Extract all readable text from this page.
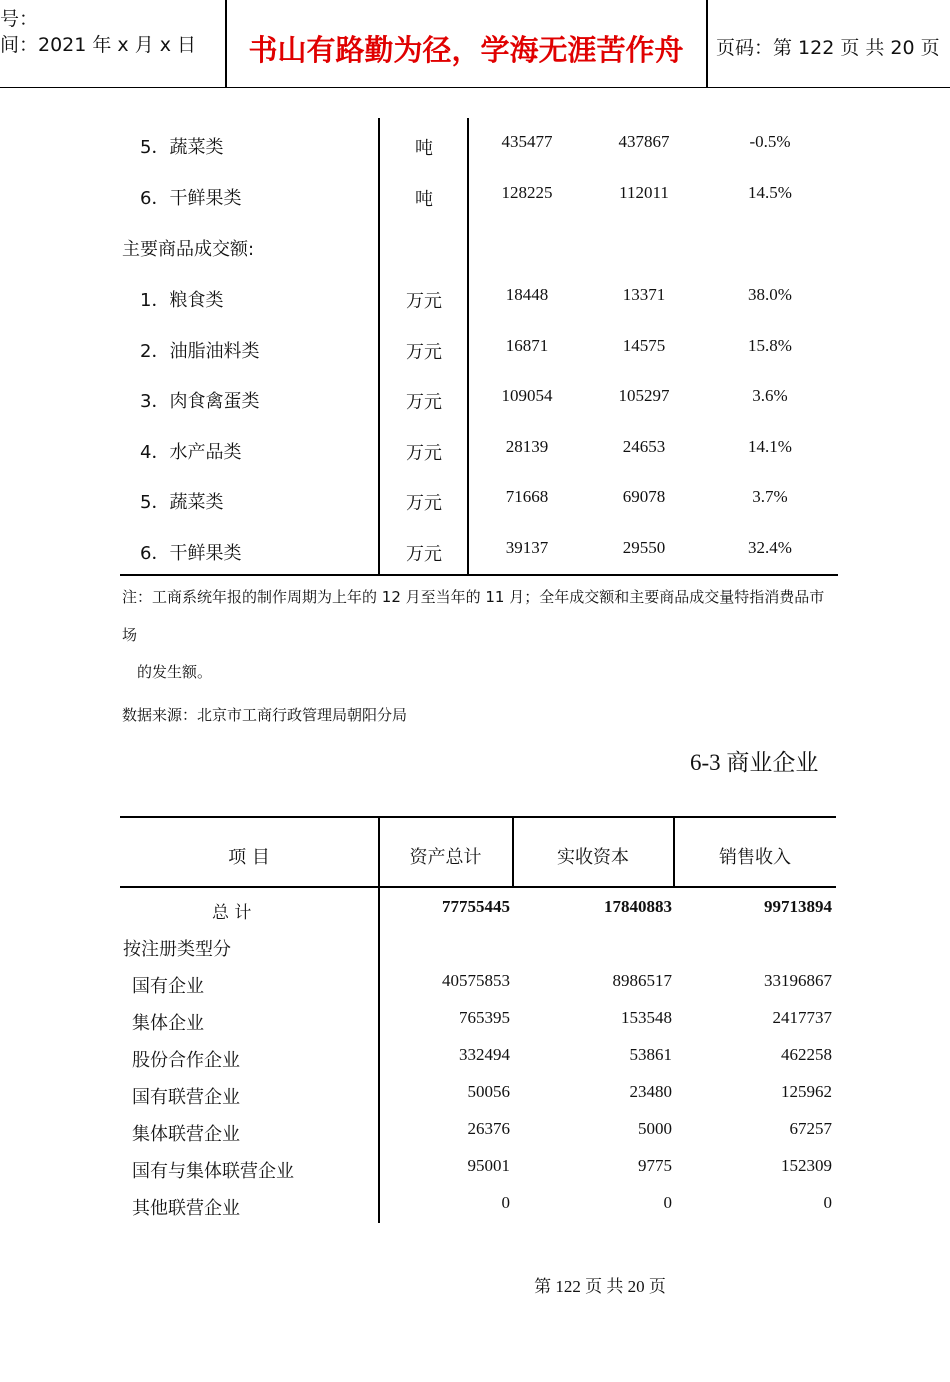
号：
间：2021 年 x 月 x 日	书山有路勤为径，学海无涯苦作舟	页码：第 122 页 共 20 页
5．蔬菜类	吨	435477	437867	-0.5%
6．干鲜果类	吨	128225	112011	14.5%
主要商品成交额:
1．粮食类	万元	18448	13371	38.0%
2．油脂油料类	万元	16871	14575	15.8%
3．肉食禽蛋类	万元	109054	105297	3.6%
4．水产品类	万元	28139	24653	14.1%
5．蔬菜类	万元	71668	69078	3.7%
6．干鲜果类	万元	39137	29550	32.4%
注：工商系统年报的制作周期为上年的 12 月至当年的 11 月；全年成交额和主要商品成交量特指消费品市
场
的发生额。
数据来源：北京市工商行政管理局朝阳分局
6-3 商业企业
项 目	资产总计	实收资本	销售收入
总 计	77755445	17840883	99713894
按注册类型分
国有企业	40575853	8986517	33196867
集体企业	765395	153548	2417737
股份合作企业	332494	53861	462258
国有联营企业	50056	23480	125962
集体联营企业	26376	5000	67257
国有与集体联营企业	95001	9775	152309
其他联营企业	0	0	0
第 122 页 共 20 页
